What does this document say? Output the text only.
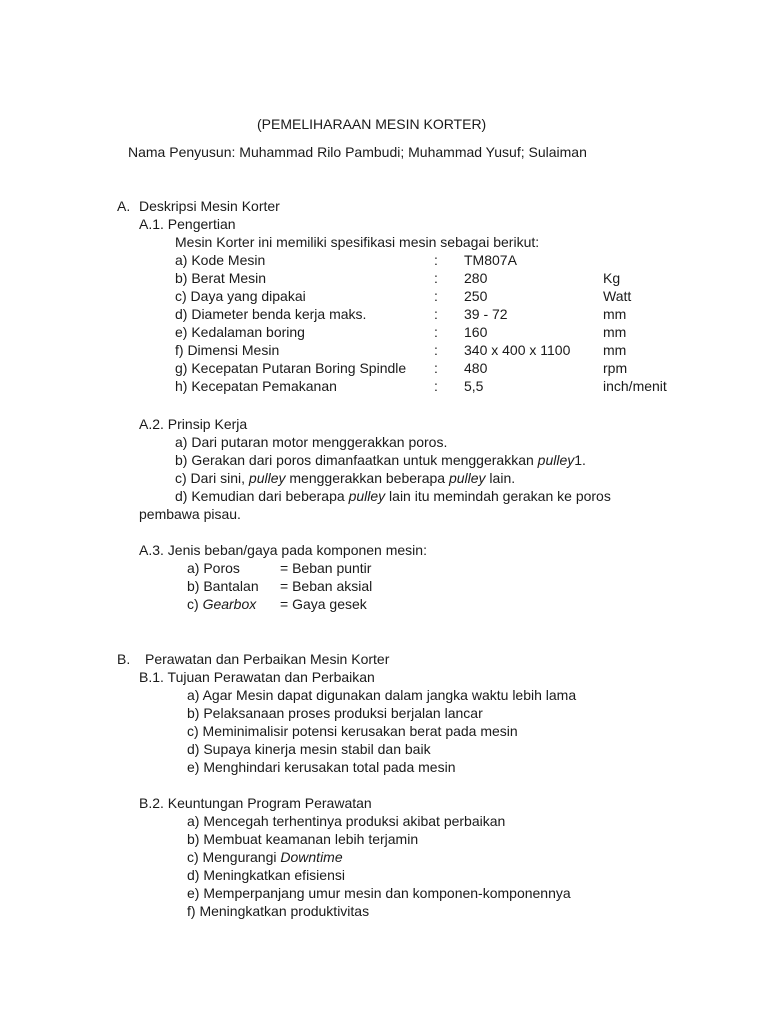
(PEMELIHARAAN MESIN KORTER)
Nama Penyusun: Muhammad Rilo Pambudi; Muhammad Yusuf; Sulaiman
A. Deskripsi Mesin Korter
A.1. Pengertian
Mesin Korter ini memiliki spesifikasi mesin sebagai berikut:
a) Kode Mesin	: TM807A
b) Berat Mesin	: 280	Kg
c) Daya yang dipakai	: 250	Watt
d) Diameter benda kerja maks.	: 39 - 72	mm
e) Kedalaman boring	: 160	mm
f) Dimensi Mesin	: 340 x 400 x 1100 mm
g) Kecepatan Putaran Boring Spindle : 480	rpm
h) Kecepatan Pemakanan	: 5,5	inch/menit
A.2. Prinsip Kerja
a) Dari putaran motor menggerakkan poros.
b) Gerakan dari poros dimanfaatkan untuk menggerakkan pulley1.
c) Dari sini, pulley menggerakkan beberapa pulley lain.
d) Kemudian dari beberapa pulley lain itu memindah gerakan ke poros
pembawa pisau.
A.3. Jenis beban/gaya pada komponen mesin:
a) Poros	= Beban puntir
b) Bantalan = Beban aksial
c) Gearbox = Gaya gesek
B. Perawatan dan Perbaikan Mesin Korter
B.1. Tujuan Perawatan dan Perbaikan
a) Agar Mesin dapat digunakan dalam jangka waktu lebih lama
b) Pelaksanaan proses produksi berjalan lancar
c) Meminimalisir potensi kerusakan berat pada mesin
d) Supaya kinerja mesin stabil dan baik
e) Menghindari kerusakan total pada mesin
B.2. Keuntungan Program Perawatan
a) Mencegah terhentinya produksi akibat perbaikan
b) Membuat keamanan lebih terjamin
c) Mengurangi Downtime
d) Meningkatkan efisiensi
e) Memperpanjang umur mesin dan komponen-komponennya
f) Meningkatkan produktivitas
